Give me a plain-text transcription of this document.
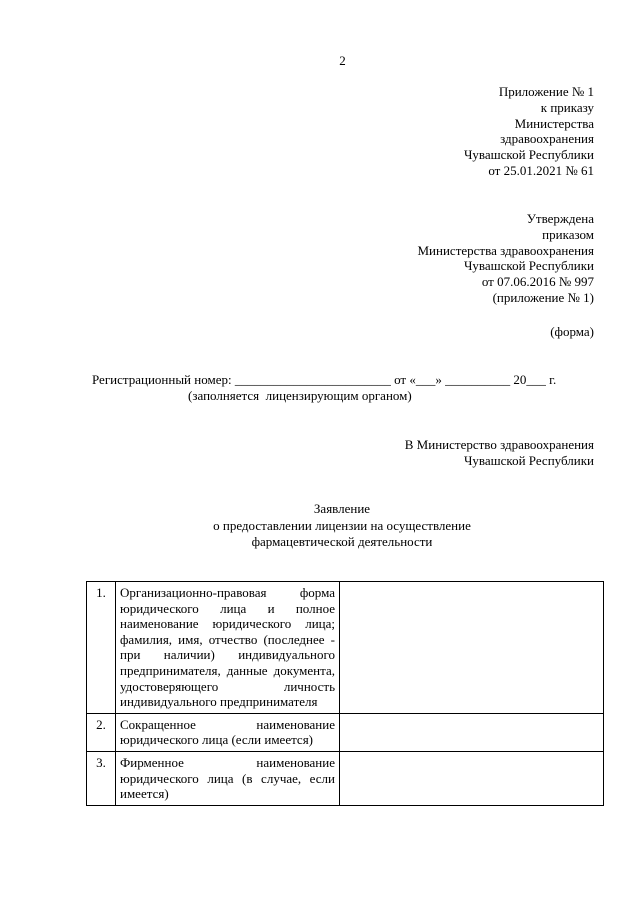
2
Приложение № 1
к приказу
Министерства
здравоохранения
Чувашской Республики
от 25.01.2021 № 61
Утверждена
приказом
Министерства здравоохранения
Чувашской Республики
от 07.06.2016 № 997
(приложение № 1)
(форма)
Регистрационный номер: ________________________ от «___» __________ 20___ г.
(заполняется  лицензирующим органом)
В Министерство здравоохранения
Чувашской Республики
Заявление
о предоставлении лицензии на осуществление
фармацевтической деятельности
1.	Организационно-правовая форма юридического лица и полное наименование юридического лица; фамилия, имя, отчество (последнее - при наличии) индивидуального предпринимателя, данные документа, удостоверяющего личность индивидуального предпринимателя	
2.	Сокращенное наименование юридического лица (если имеется)	
3.	Фирменное наименование юридического лица (в случае, если имеется)	
